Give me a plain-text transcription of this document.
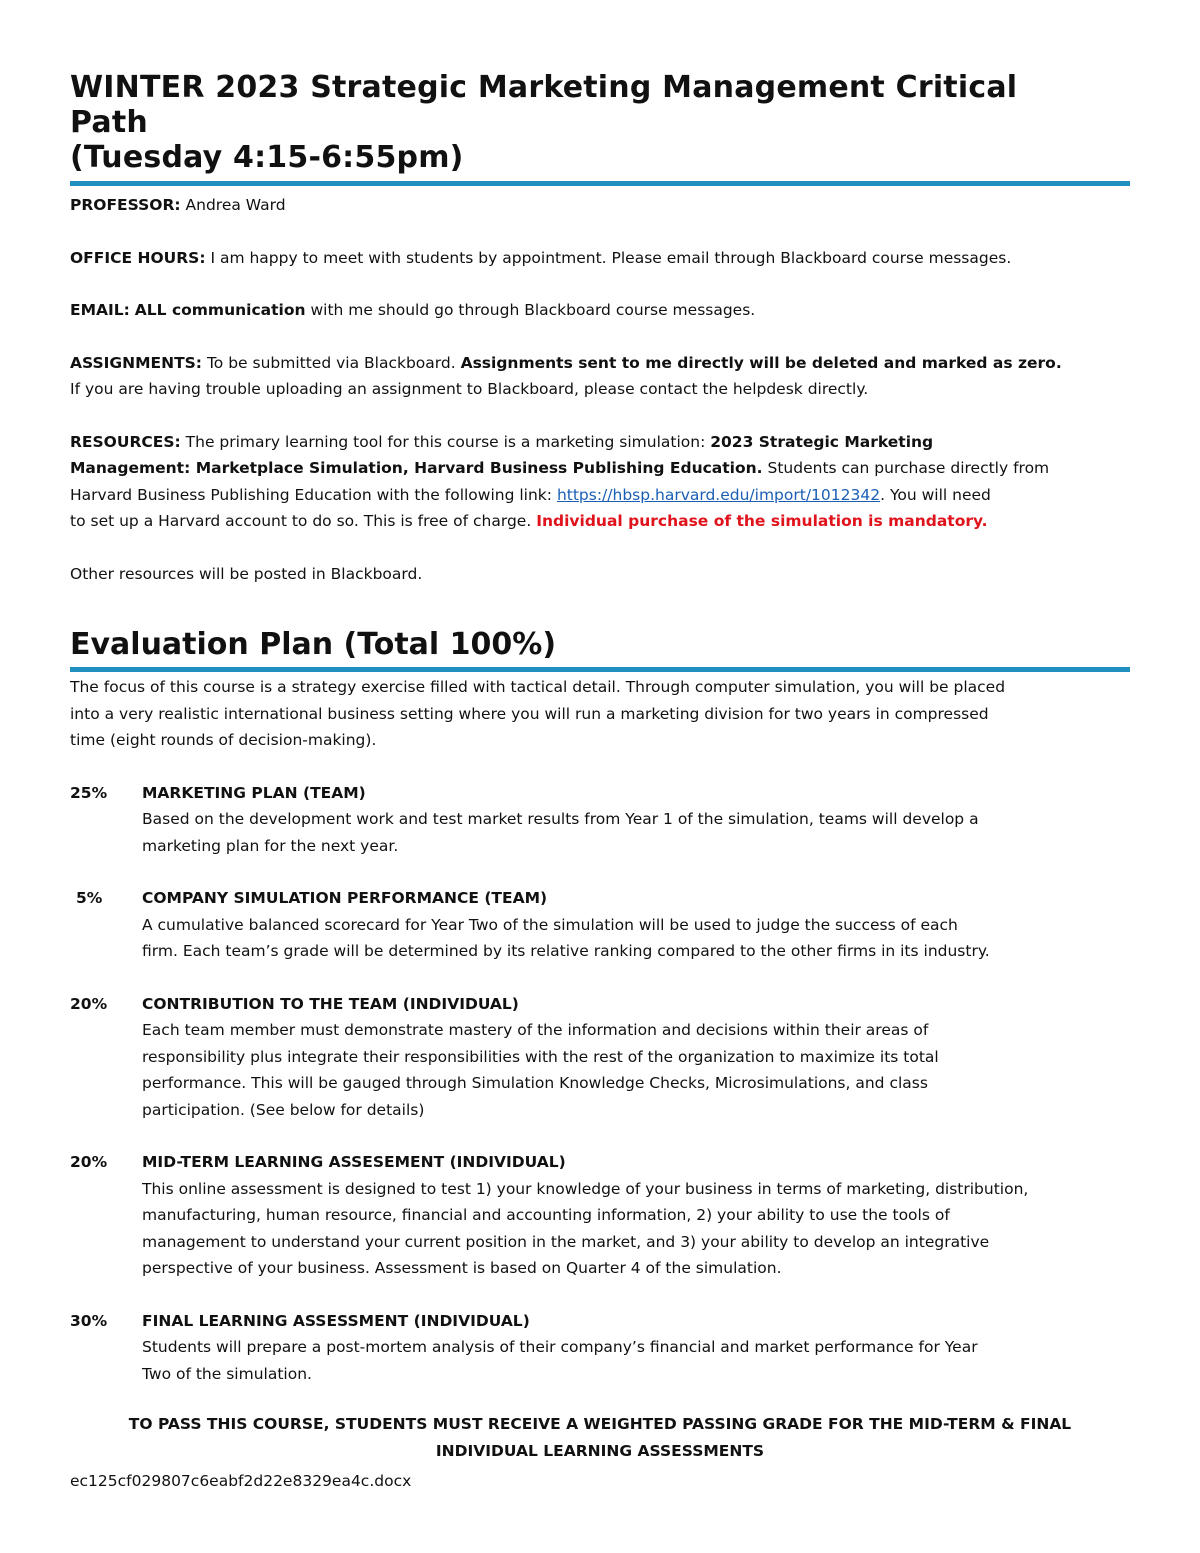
WINTER 2023 Strategic Marketing Management Critical
Path
(Tuesday 4:15-6:55pm)

PROFESSOR: Andrea Ward

OFFICE HOURS: I am happy to meet with students by appointment. Please email through Blackboard course messages.

EMAIL: ALL communication with me should go through Blackboard course messages.

ASSIGNMENTS: To be submitted via Blackboard. Assignments sent to me directly will be deleted and marked as zero.
If you are having trouble uploading an assignment to Blackboard, please contact the helpdesk directly.

RESOURCES: The primary learning tool for this course is a marketing simulation: 2023 Strategic Marketing
Management: Marketplace Simulation, Harvard Business Publishing Education. Students can purchase directly from
Harvard Business Publishing Education with the following link: https://hbsp.harvard.edu/import/1012342. You will need
to set up a Harvard account to do so. This is free of charge. Individual purchase of the simulation is mandatory.

Other resources will be posted in Blackboard.

Evaluation Plan (Total 100%)

The focus of this course is a strategy exercise filled with tactical detail. Through computer simulation, you will be placed
into a very realistic international business setting where you will run a marketing division for two years in compressed
time (eight rounds of decision-making).

25%	MARKETING PLAN (TEAM)
Based on the development work and test market results from Year 1 of the simulation, teams will develop a
marketing plan for the next year.
5%	COMPANY SIMULATION PERFORMANCE (TEAM)
A cumulative balanced scorecard for Year Two of the simulation will be used to judge the success of each
firm. Each team’s grade will be determined by its relative ranking compared to the other firms in its industry.
20%	CONTRIBUTION TO THE TEAM (INDIVIDUAL)
Each team member must demonstrate mastery of the information and decisions within their areas of
responsibility plus integrate their responsibilities with the rest of the organization to maximize its total
performance. This will be gauged through Simulation Knowledge Checks, Microsimulations, and class
participation. (See below for details)
20%	MID-TERM LEARNING ASSESEMENT (INDIVIDUAL)
This online assessment is designed to test 1) your knowledge of your business in terms of marketing, distribution,
manufacturing, human resource, financial and accounting information, 2) your ability to use the tools of
management to understand your current position in the market, and 3) your ability to develop an integrative
perspective of your business. Assessment is based on Quarter 4 of the simulation.
30%	FINAL LEARNING ASSESSMENT (INDIVIDUAL)
Students will prepare a post-mortem analysis of their company’s financial and market performance for Year
Two of the simulation.

TO PASS THIS COURSE, STUDENTS MUST RECEIVE A WEIGHTED PASSING GRADE FOR THE MID-TERM & FINAL
INDIVIDUAL LEARNING ASSESSMENTS

ec125cf029807c6eabf2d22e8329ea4c.docx
